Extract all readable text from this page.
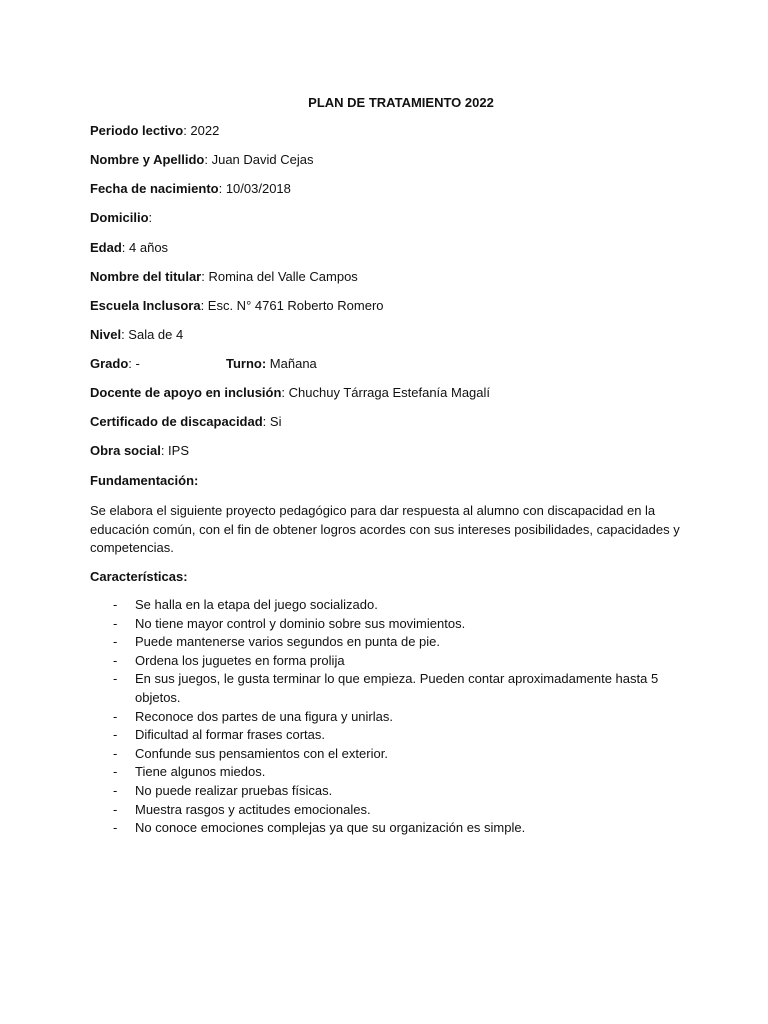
PLAN DE TRATAMIENTO 2022
Periodo lectivo: 2022
Nombre y Apellido: Juan David Cejas
Fecha de nacimiento: 10/03/2018
Domicilio:
Edad: 4 años
Nombre del titular: Romina del Valle Campos
Escuela Inclusora: Esc. N° 4761 Roberto Romero
Nivel: Sala de 4
Grado: -	Turno: Mañana
Docente de apoyo en inclusión: Chuchuy Tárraga Estefanía Magalí
Certificado de discapacidad: Si
Obra social: IPS
Fundamentación:

Se elabora el siguiente proyecto pedagógico para dar respuesta al alumno con discapacidad en la educación común, con el fin de obtener logros acordes con sus intereses posibilidades, capacidades y competencias.

Características:
- Se halla en la etapa del juego socializado.
- No tiene mayor control y dominio sobre sus movimientos.
- Puede mantenerse varios segundos en punta de pie.
- Ordena los juguetes en forma prolija
- En sus juegos, le gusta terminar lo que empieza. Pueden contar aproximadamente hasta 5 objetos.
- Reconoce dos partes de una figura y unirlas.
- Dificultad al formar frases cortas.
- Confunde sus pensamientos con el exterior.
- Tiene algunos miedos.
- No puede realizar pruebas físicas.
- Muestra rasgos y actitudes emocionales.
- No conoce emociones complejas ya que su organización es simple.
